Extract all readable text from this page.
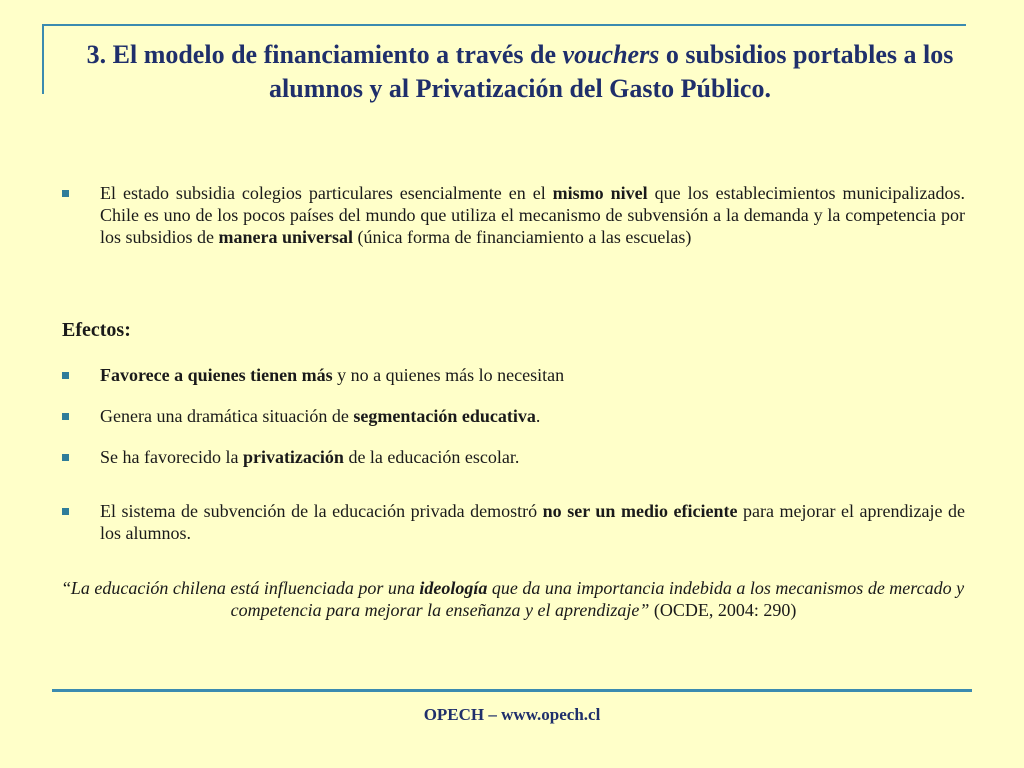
3. El modelo de financiamiento a través de vouchers o subsidios portables a los alumnos y al Privatización del Gasto Público.
El estado subsidia colegios particulares esencialmente en el mismo nivel que los establecimientos municipalizados. Chile es uno de los pocos países del mundo que utiliza el mecanismo de subvensión a la demanda y la competencia por los subsidios de manera universal (única forma de financiamiento a las escuelas)
Efectos:
Favorece a quienes tienen más y no a quienes más lo necesitan
Genera una dramática situación de segmentación educativa.
Se ha favorecido la privatización de la educación escolar.
El sistema de subvención de la educación privada demostró no ser un medio eficiente para mejorar el aprendizaje de los alumnos.
“La educación chilena está influenciada por una ideología que da una importancia indebida a los mecanismos de mercado y competencia para mejorar la enseñanza y el aprendizaje” (OCDE, 2004: 290)
OPECH – www.opech.cl
